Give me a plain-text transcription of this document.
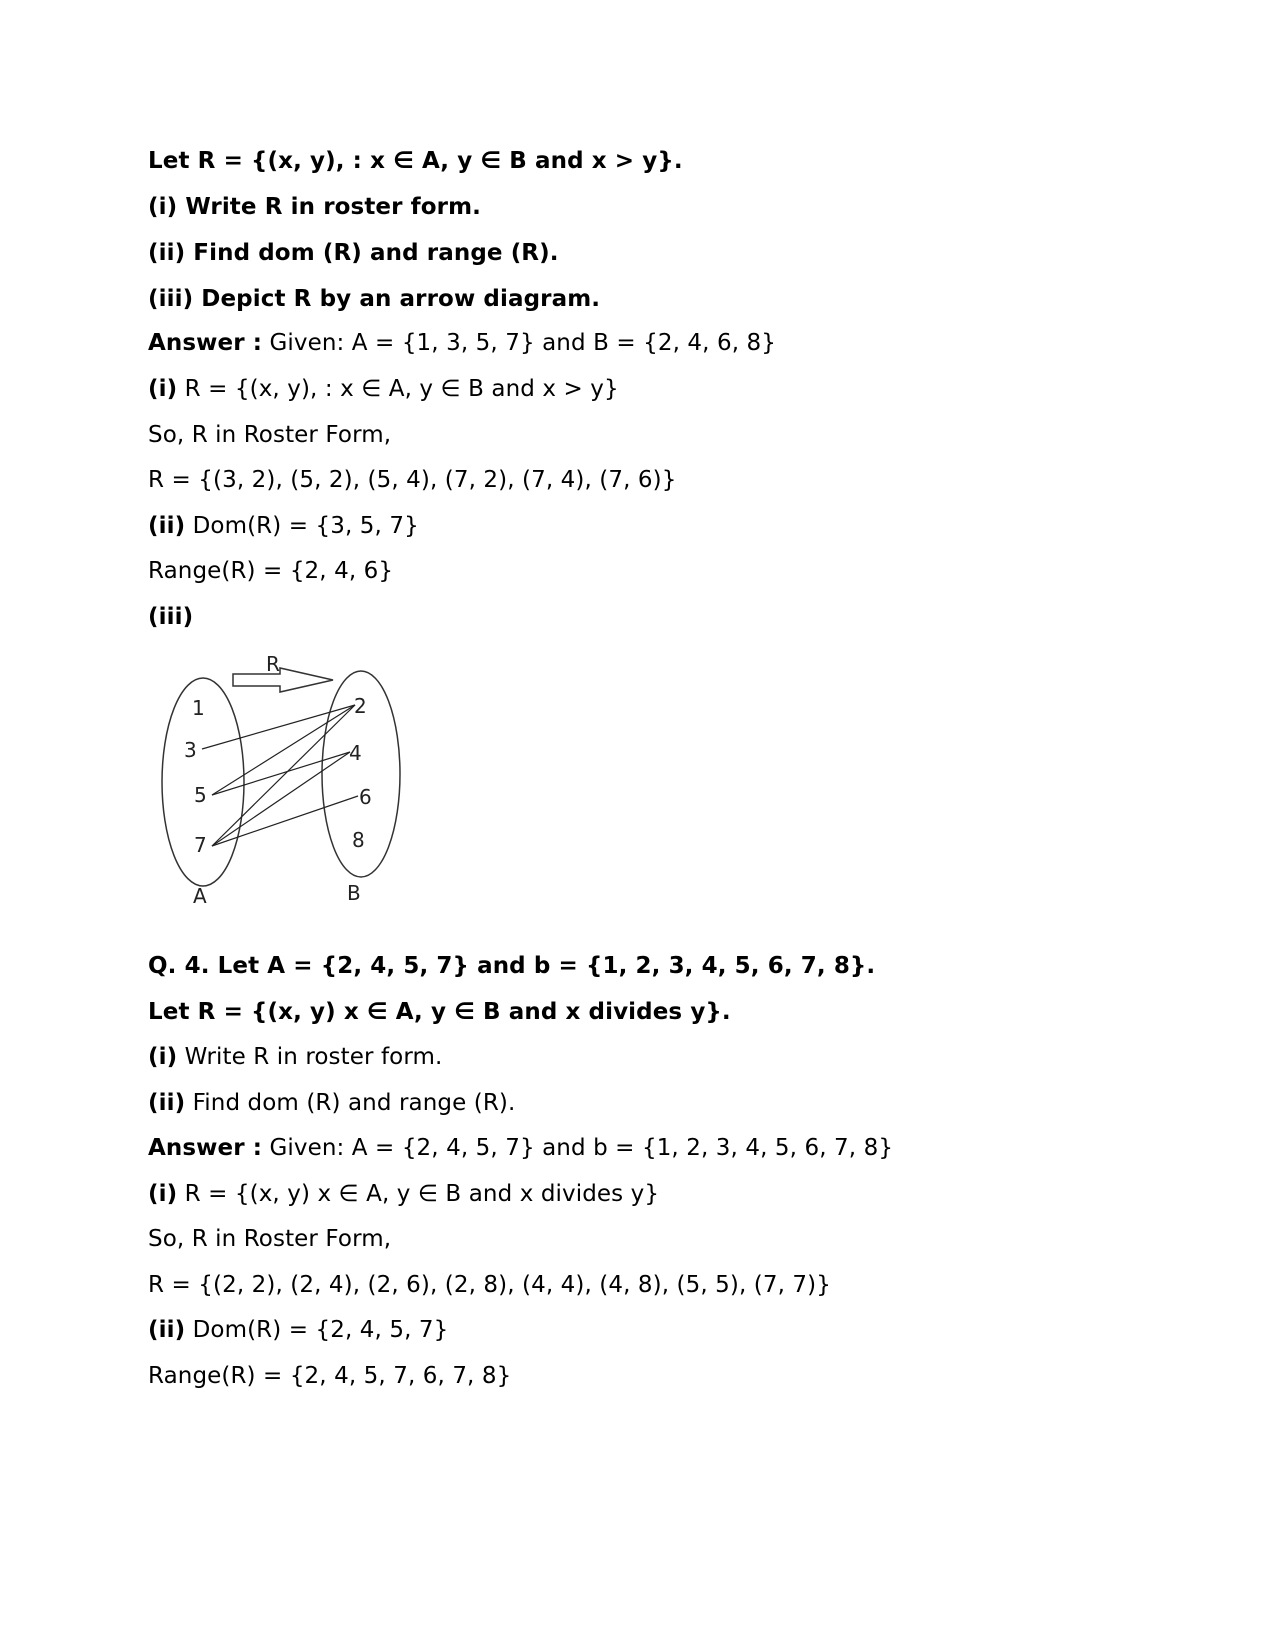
Let R = {(x, y), : x ∈ A, y ∈ B and x > y}.
(i) Write R in roster form.
(ii) Find dom (R) and range (R).
(iii) Depict R by an arrow diagram.
Answer : Given: A = {1, 3, 5, 7} and B = {2, 4, 6, 8}
(i) R = {(x, y), : x ∈ A, y ∈ B and x > y}
So, R in Roster Form,
R = {(3, 2), (5, 2), (5, 4), (7, 2), (7, 4), (7, 6)}
(ii) Dom(R) = {3, 5, 7}
Range(R) = {2, 4, 6}
(iii)
R
1
3
5
7
2
4
6
8
A	B
Q. 4. Let A = {2, 4, 5, 7} and b = {1, 2, 3, 4, 5, 6, 7, 8}.
Let R = {(x, y) x ∈ A, y ∈ B and x divides y}.
(i) Write R in roster form.
(ii) Find dom (R) and range (R).
Answer : Given: A = {2, 4, 5, 7} and b = {1, 2, 3, 4, 5, 6, 7, 8}
(i) R = {(x, y) x ∈ A, y ∈ B and x divides y}
So, R in Roster Form,
R = {(2, 2), (2, 4), (2, 6), (2, 8), (4, 4), (4, 8), (5, 5), (7, 7)}
(ii) Dom(R) = {2, 4, 5, 7}
Range(R) = {2, 4, 5, 7, 6, 7, 8}
